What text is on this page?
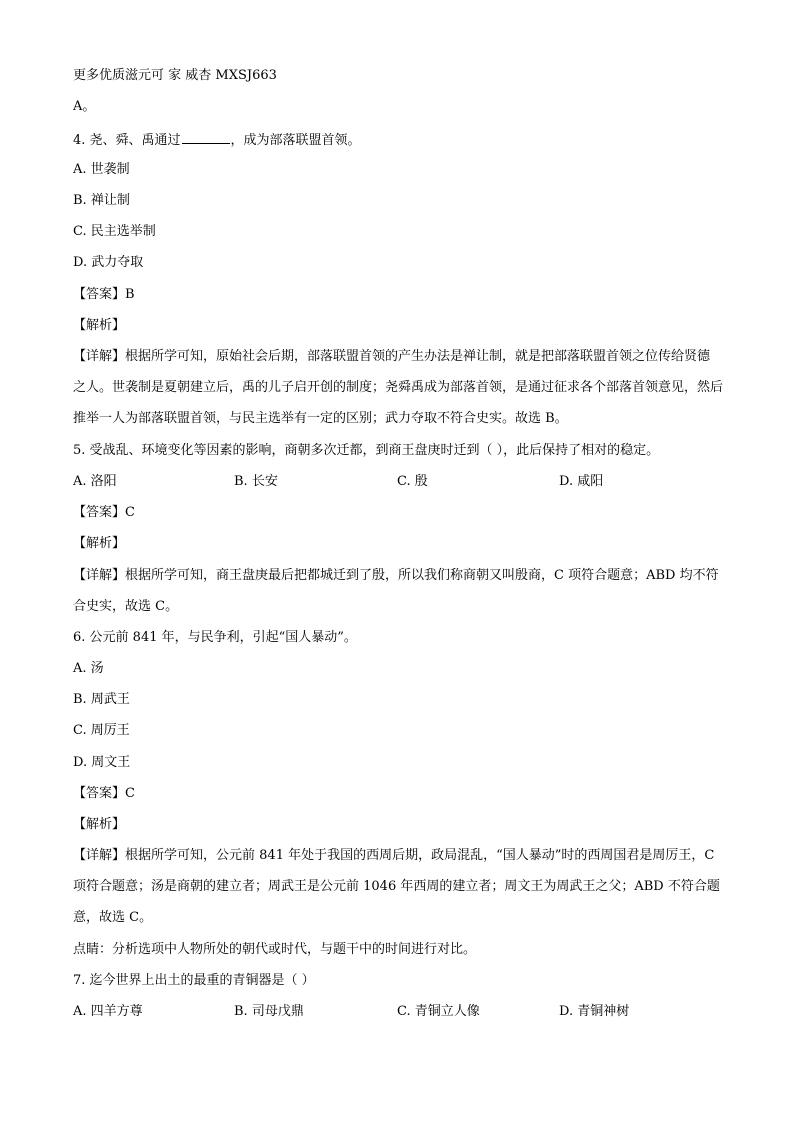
更多优质滋元可 家 威杏 MXSJ663
A。
4. 尧、舜、禹通过	，成为部落联盟首领。
A. 世袭制
B. 禅让制
C. 民主选举制
D. 武力夺取
【答案】B
【解析】
【详解】根据所学可知，原始社会后期，部落联盟首领的产生办法是禅让制，就是把部落联盟首领之位传给贤德之人。世袭制是夏朝建立后，禹的儿子启开创的制度；尧舜禹成为部落首领，是通过征求各个部落首领意见，然后推举一人为部落联盟首领，与民主选举有一定的区别；武力夺取不符合史实。故选 B。
5. 受战乱、环境变化等因素的影响，商朝多次迁都，到商王盘庚时迁到（ ），此后保持了相对的稳定。
A. 洛阳	B. 长安	C. 殷	D. 咸阳
【答案】C
【解析】
【详解】根据所学可知，商王盘庚最后把都城迁到了殷，所以我们称商朝又叫殷商，C 项符合题意；ABD 均不符合史实，故选 C。
6. 公元前 841 年，与民争利，引起“国人暴动”。
A. 汤
B. 周武王
C. 周厉王
D. 周文王
【答案】C
【解析】
【详解】根据所学可知，公元前 841 年处于我国的西周后期，政局混乱，“国人暴动”时的西周国君是周厉王，C 项符合题意；汤是商朝的建立者；周武王是公元前 1046 年西周的建立者；周文王为周武王之父；ABD 不符合题意，故选 C。
点睛：分析选项中人物所处的朝代或时代，与题干中的时间进行对比。
7. 迄今世界上出土的最重的青铜器是（ ）
A. 四羊方尊	B. 司母戊鼎	C. 青铜立人像	D. 青铜神树
